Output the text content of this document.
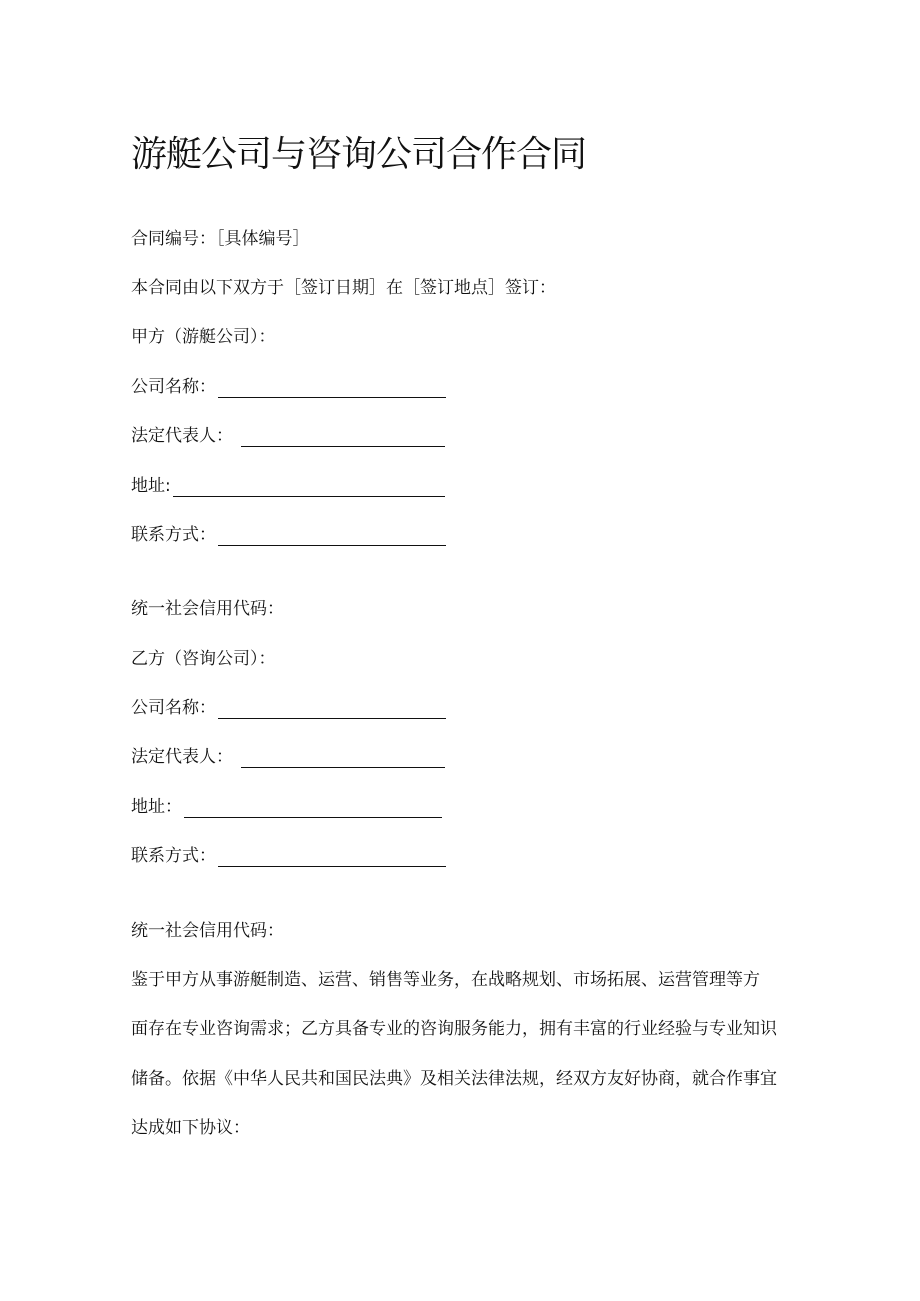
游艇公司与咨询公司合作合同
合同编号：［具体编号］
本合同由以下双方于［签订日期］在［签订地点］签订：
甲方（游艇公司）：
公司名称：
法定代表人：
地址:
联系方式：
统一社会信用代码：
乙方（咨询公司）：
公司名称：
法定代表人：
地址：
联系方式：
统一社会信用代码：
鉴于甲方从事游艇制造、运营、销售等业务，在战略规划、市场拓展、运营管理等方
面存在专业咨询需求；乙方具备专业的咨询服务能力，拥有丰富的行业经验与专业知识
储备。依据《中华人民共和国民法典》及相关法律法规，经双方友好协商，就合作事宜
达成如下协议：
